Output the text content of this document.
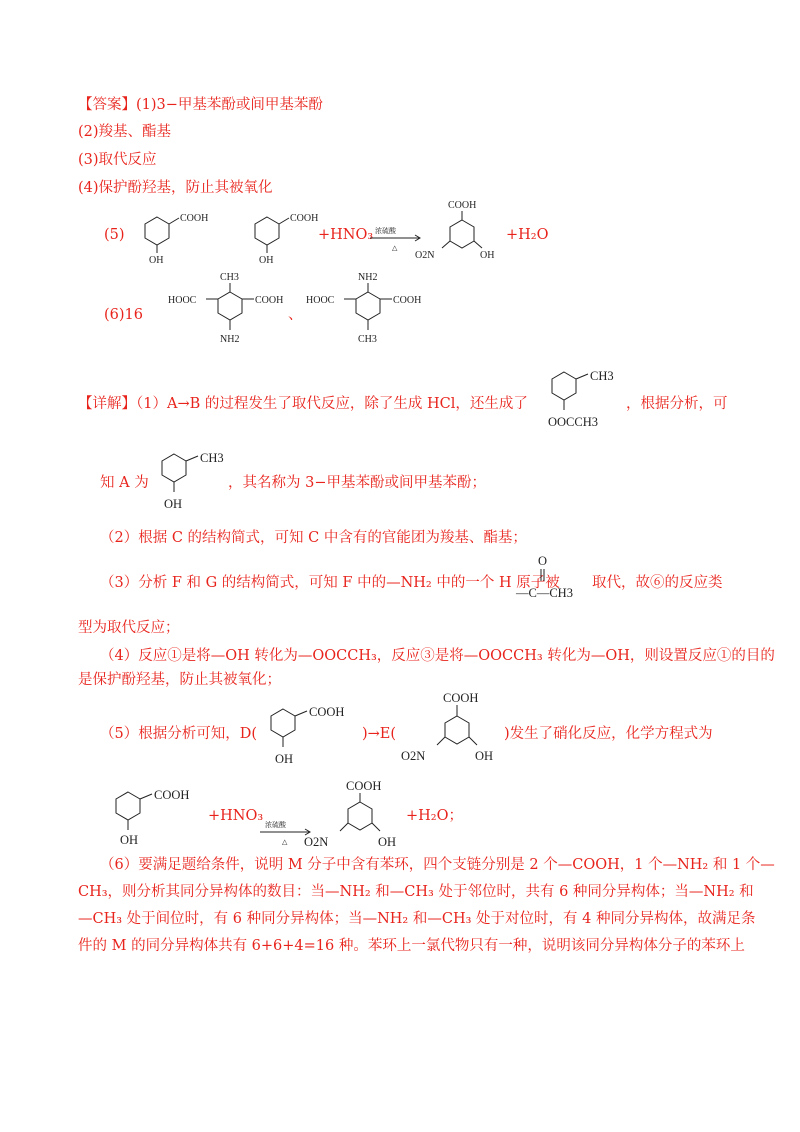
【答案】(1)3−甲基苯酚或间甲基苯酚
(2)羧基、酯基
(3)取代反应
(4)保护酚羟基，防止其被氧化
(5)
COOH
OH
COOH
OH
+HNO₃ 浓硫酸
△
COOH
OH
O2N
+H₂O
(6)16
CH3
HOOC	COOH
NH2
、
NH2
HOOC	COOH
CH3
【详解】（1）A→B 的过程发生了取代反应，除了生成 HCl，还生成了
CH3
OOCCH3
，根据分析，可
知 A 为
CH3
OH
，其名称为 3−甲基苯酚或间甲基苯酚；
（2）根据 C 的结构简式，可知 C 中含有的官能团为羧基、酯基；
（3）分析 F 和 G 的结构简式，可知 F 中的—NH₂ 中的一个 H 原子被
O
—C—CH3
取代，故⑥的反应类
型为取代反应；
（4）反应①是将—OH 转化为—OOCCH₃，反应③是将—OOCCH₃ 转化为—OH，则设置反应①的目的
是保护酚羟基，防止其被氧化；
（5）根据分析可知，D(
COOH
OH
)→E(
COOH
OH
O2N
)发生了硝化反应，化学方程式为
COOH
OH
+HNO₃
浓硫酸
△
COOH
OH
O2N
+H₂O；
（6）要满足题给条件，说明 M 分子中含有苯环，四个支链分别是 2 个—COOH，1 个—NH₂ 和 1 个—
CH₃，则分析其同分异构体的数目：当—NH₂ 和—CH₃ 处于邻位时，共有 6 种同分异构体；当—NH₂ 和
—CH₃ 处于间位时，有 6 种同分异构体；当—NH₂ 和—CH₃ 处于对位时，有 4 种同分异构体，故满足条
件的 M 的同分异构体共有 6+6+4=16 种。苯环上一氯代物只有一种，说明该同分异构体分子的苯环上
